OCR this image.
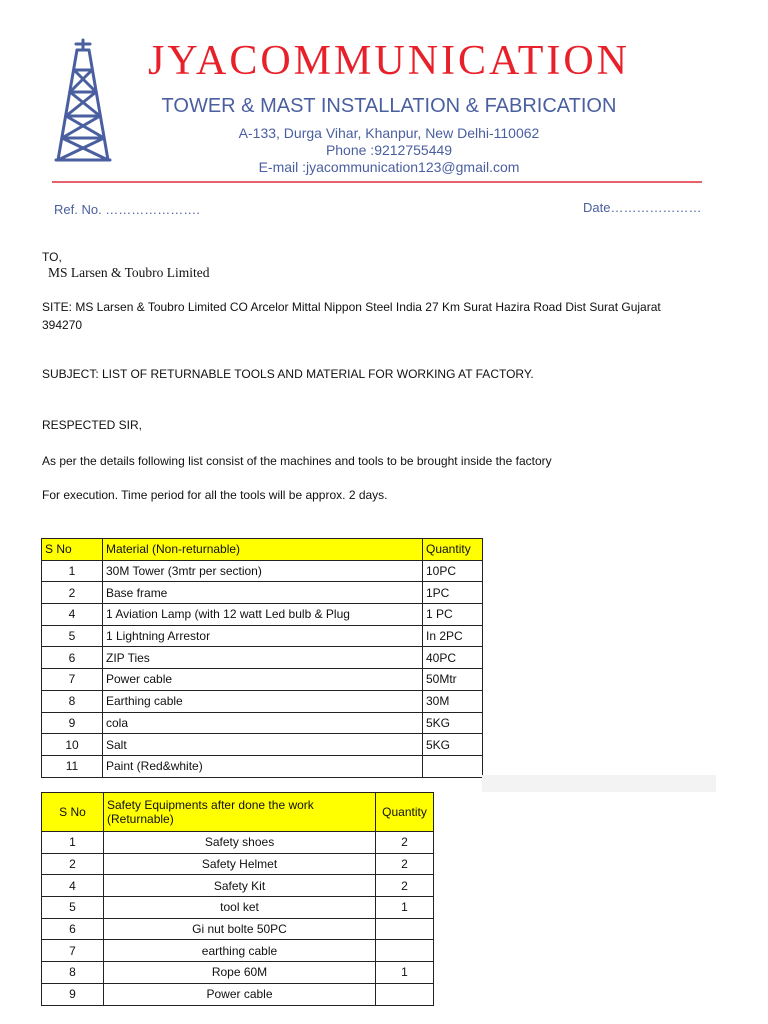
JYACOMMUNICATION
TOWER & MAST INSTALLATION & FABRICATION
A-133, Durga Vihar, Khanpur, New Delhi-110062
Phone :9212755449
E-mail :jyacommunication123@gmail.com
Ref. No. ………………….	Date…………………
TO,
MS Larsen & Toubro Limited
SITE: MS Larsen & Toubro Limited CO Arcelor Mittal Nippon Steel India 27 Km Surat Hazira Road Dist Surat Gujarat
394270
SUBJECT: LIST OF RETURNABLE TOOLS AND MATERIAL FOR WORKING AT FACTORY.
RESPECTED SIR,
As per the details following list consist of the machines and tools to be brought inside the factory
For execution. Time period for all the tools will be approx. 2 days.
S No	Material (Non-returnable)	Quantity
1	30M Tower (3mtr per section)	10PC
2	Base frame	1PC
4	1 Aviation Lamp (with 12 watt Led bulb & Plug	1 PC
5	1 Lightning Arrestor	In 2PC
6	ZIP Ties	40PC
7	Power cable	50Mtr
8	Earthing cable	30M
9	cola	5KG
10	Salt	5KG
11	Paint (Red&white)	
S No	Safety Equipments after done the work (Returnable)	Quantity
1	Safety shoes	2
2	Safety Helmet	2
4	Safety Kit	2
5	tool ket	1
6	Gi nut bolte 50PC	
7	earthing cable	
8	Rope 60M	1
9	Power cable	
